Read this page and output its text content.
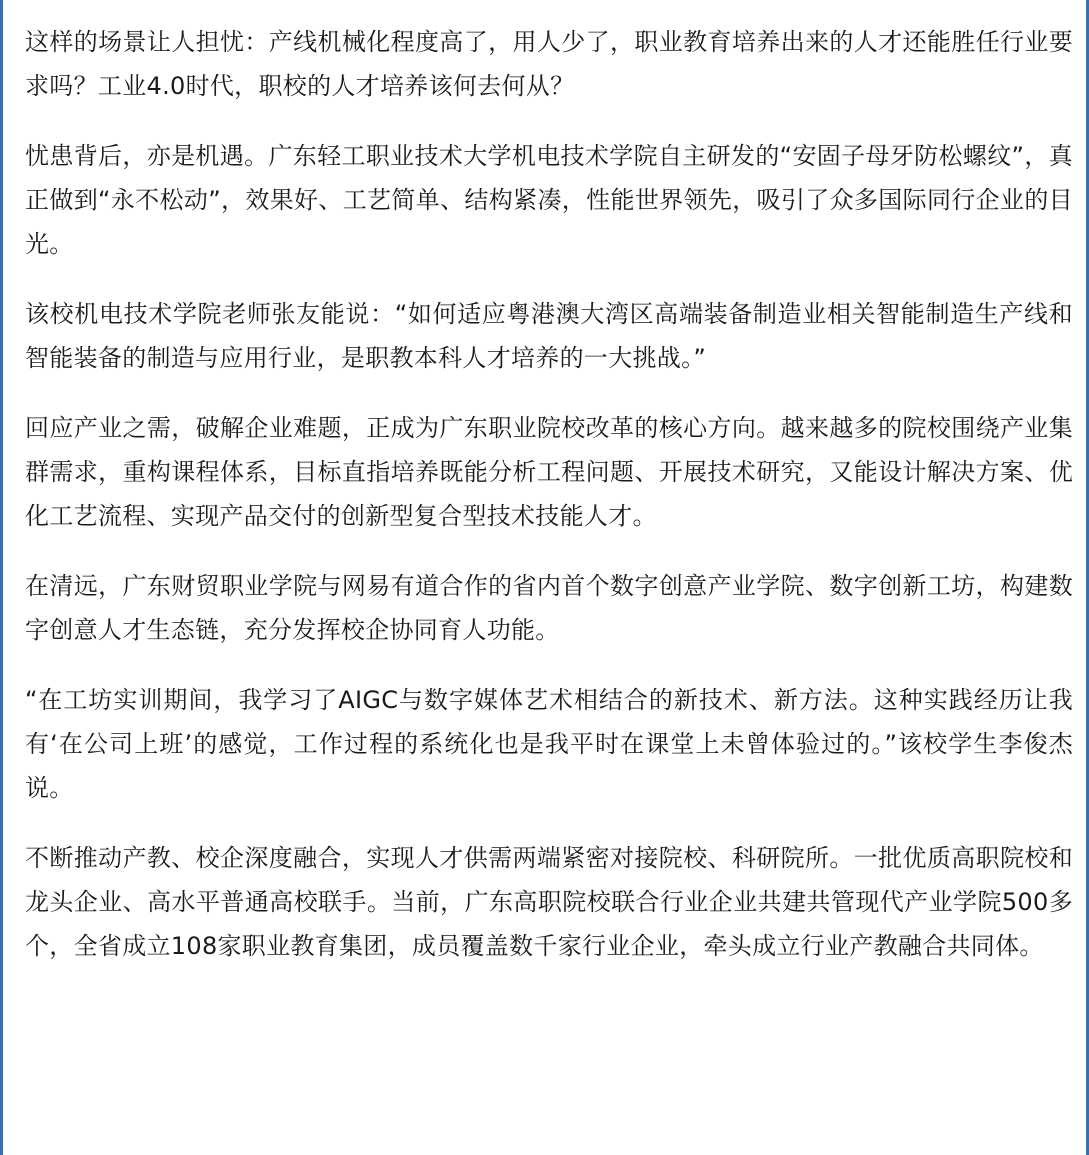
这样的场景让人担忧：产线机械化程度高了，用人少了，职业教育培养出来的人才还能胜任行业要求吗？工业4.0时代，职校的人才培养该何去何从？

忧患背后，亦是机遇。广东轻工职业技术大学机电技术学院自主研发的“安固子母牙防松螺纹”，真正做到“永不松动”，效果好、工艺简单、结构紧凑，性能世界领先，吸引了众多国际同行企业的目光。

该校机电技术学院老师张友能说：“如何适应粤港澳大湾区高端装备制造业相关智能制造生产线和智能装备的制造与应用行业，是职教本科人才培养的一大挑战。”

回应产业之需，破解企业难题，正成为广东职业院校改革的核心方向。越来越多的院校围绕产业集群需求，重构课程体系，目标直指培养既能分析工程问题、开展技术研究，又能设计解决方案、优化工艺流程、实现产品交付的创新型复合型技术技能人才。

在清远，广东财贸职业学院与网易有道合作的省内首个数字创意产业学院、数字创新工坊，构建数字创意人才生态链，充分发挥校企协同育人功能。

“在工坊实训期间，我学习了AIGC与数字媒体艺术相结合的新技术、新方法。这种实践经历让我有‘在公司上班’的感觉，工作过程的系统化也是我平时在课堂上未曾体验过的。”该校学生李俊杰说。

不断推动产教、校企深度融合，实现人才供需两端紧密对接院校、科研院所。一批优质高职院校和龙头企业、高水平普通高校联手。当前，广东高职院校联合行业企业共建共管现代产业学院500多个，全省成立108家职业教育集团，成员覆盖数千家行业企业，牵头成立行业产教融合共同体。
